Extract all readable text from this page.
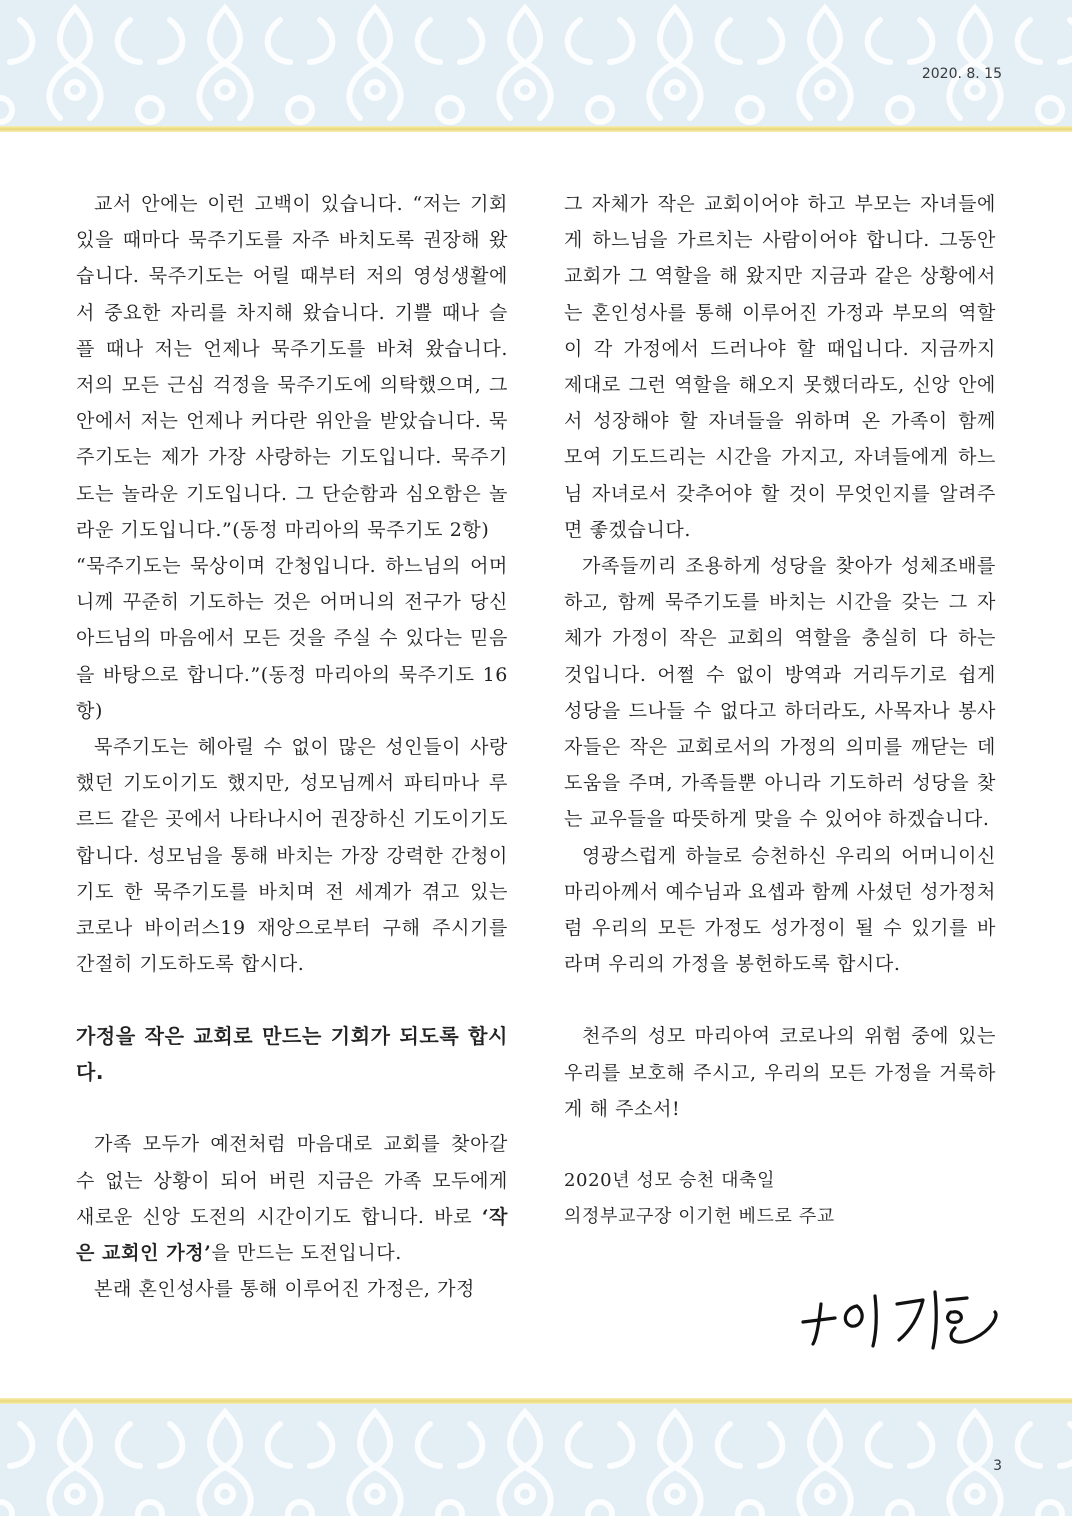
2020. 8. 15

교서 안에는 이런 고백이 있습니다. “저는 기회 있을 때마다 묵주기도를 자주 바치도록 권장해 왔습니다. 묵주기도는 어릴 때부터 저의 영성생활에서 중요한 자리를 차지해 왔습니다. 기쁠 때나 슬플 때나 저는 언제나 묵주기도를 바쳐 왔습니다. 저의 모든 근심 걱정을 묵주기도에 의탁했으며, 그 안에서 저는 언제나 커다란 위안을 받았습니다. 묵주기도는 제가 가장 사랑하는 기도입니다. 묵주기도는 놀라운 기도입니다. 그 단순함과 심오함은 놀라운 기도입니다.”(동정 마리아의 묵주기도 2항)

“묵주기도는 묵상이며 간청입니다. 하느님의 어머니께 꾸준히 기도하는 것은 어머니의 전구가 당신 아드님의 마음에서 모든 것을 주실 수 있다는 믿음을 바탕으로 합니다.”(동정 마리아의 묵주기도 16항)

묵주기도는 헤아릴 수 없이 많은 성인들이 사랑했던 기도이기도 했지만, 성모님께서 파티마나 루르드 같은 곳에서 나타나시어 권장하신 기도이기도 합니다. 성모님을 통해 바치는 가장 강력한 간청이기도 한 묵주기도를 바치며 전 세계가 겪고 있는 코로나 바이러스19 재앙으로부터 구해 주시기를 간절히 기도하도록 합시다.

가정을 작은 교회로 만드는 기회가 되도록 합시다.

가족 모두가 예전처럼 마음대로 교회를 찾아갈 수 없는 상황이 되어 버린 지금은 가족 모두에게 새로운 신앙 도전의 시간이기도 합니다. 바로 ‘작은 교회인 가정’을 만드는 도전입니다.

본래 혼인성사를 통해 이루어진 가정은, 가정

그 자체가 작은 교회이어야 하고 부모는 자녀들에게 하느님을 가르치는 사람이어야 합니다. 그동안 교회가 그 역할을 해 왔지만 지금과 같은 상황에서는 혼인성사를 통해 이루어진 가정과 부모의 역할이 각 가정에서 드러나야 할 때입니다. 지금까지 제대로 그런 역할을 해오지 못했더라도, 신앙 안에서 성장해야 할 자녀들을 위하며 온 가족이 함께 모여 기도드리는 시간을 가지고, 자녀들에게 하느님 자녀로서 갖추어야 할 것이 무엇인지를 알려주면 좋겠습니다.

가족들끼리 조용하게 성당을 찾아가 성체조배를 하고, 함께 묵주기도를 바치는 시간을 갖는 그 자체가 가정이 작은 교회의 역할을 충실히 다 하는 것입니다. 어쩔 수 없이 방역과 거리두기로 쉽게 성당을 드나들 수 없다고 하더라도, 사목자나 봉사자들은 작은 교회로서의 가정의 의미를 깨닫는 데 도움을 주며, 가족들뿐 아니라 기도하러 성당을 찾는 교우들을 따뜻하게 맞을 수 있어야 하겠습니다.

영광스럽게 하늘로 승천하신 우리의 어머니이신 마리아께서 예수님과 요셉과 함께 사셨던 성가정처럼 우리의 모든 가정도 성가정이 될 수 있기를 바라며 우리의 가정을 봉헌하도록 합시다.

천주의 성모 마리아여 코로나의 위험 중에 있는 우리를 보호해 주시고, 우리의 모든 가정을 거룩하게 해 주소서!

2020년 성모 승천 대축일

의정부교구장 이기헌 베드로 주교

3
